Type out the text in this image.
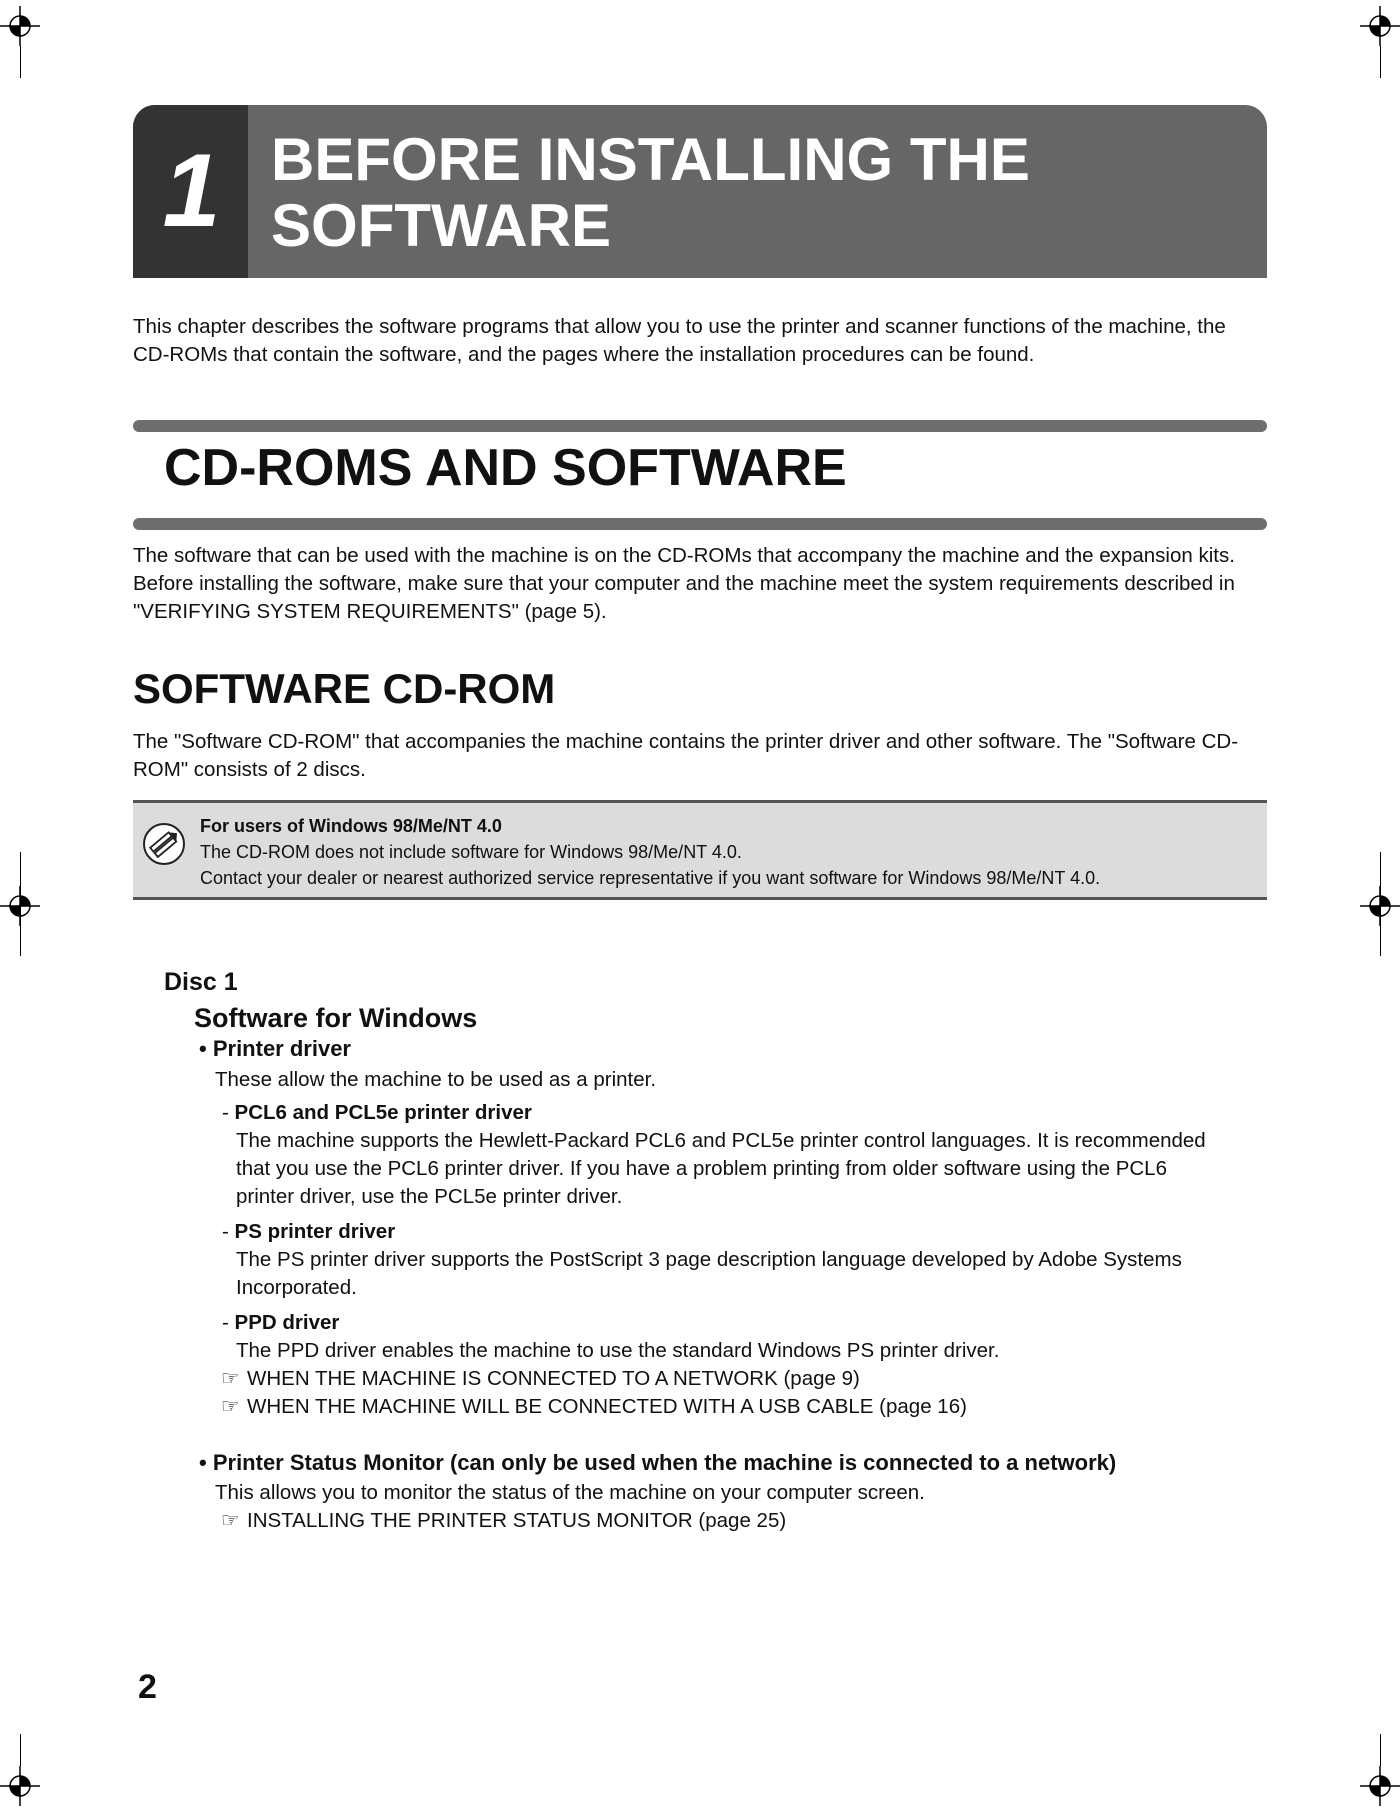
1 BEFORE INSTALLING THE SOFTWARE
This chapter describes the software programs that allow you to use the printer and scanner functions of the machine, the CD-ROMs that contain the software, and the pages where the installation procedures can be found.
CD-ROMS AND SOFTWARE
The software that can be used with the machine is on the CD-ROMs that accompany the machine and the expansion kits. Before installing the software, make sure that your computer and the machine meet the system requirements described in "VERIFYING SYSTEM REQUIREMENTS" (page 5).
SOFTWARE CD-ROM
The "Software CD-ROM" that accompanies the machine contains the printer driver and other software. The "Software CD-ROM" consists of 2 discs.
For users of Windows 98/Me/NT 4.0
The CD-ROM does not include software for Windows 98/Me/NT 4.0.
Contact your dealer or nearest authorized service representative if you want software for Windows 98/Me/NT 4.0.
Disc 1
Software for Windows
• Printer driver
These allow the machine to be used as a printer.
- PCL6 and PCL5e printer driver
The machine supports the Hewlett-Packard PCL6 and PCL5e printer control languages. It is recommended
that you use the PCL6 printer driver. If you have a problem printing from older software using the PCL6
printer driver, use the PCL5e printer driver.
- PS printer driver
The PS printer driver supports the PostScript 3 page description language developed by Adobe Systems
Incorporated.
- PPD driver
The PPD driver enables the machine to use the standard Windows PS printer driver.
☞ WHEN THE MACHINE IS CONNECTED TO A NETWORK (page 9)
☞ WHEN THE MACHINE WILL BE CONNECTED WITH A USB CABLE (page 16)
• Printer Status Monitor (can only be used when the machine is connected to a network)
This allows you to monitor the status of the machine on your computer screen.
☞ INSTALLING THE PRINTER STATUS MONITOR (page 25)
2
